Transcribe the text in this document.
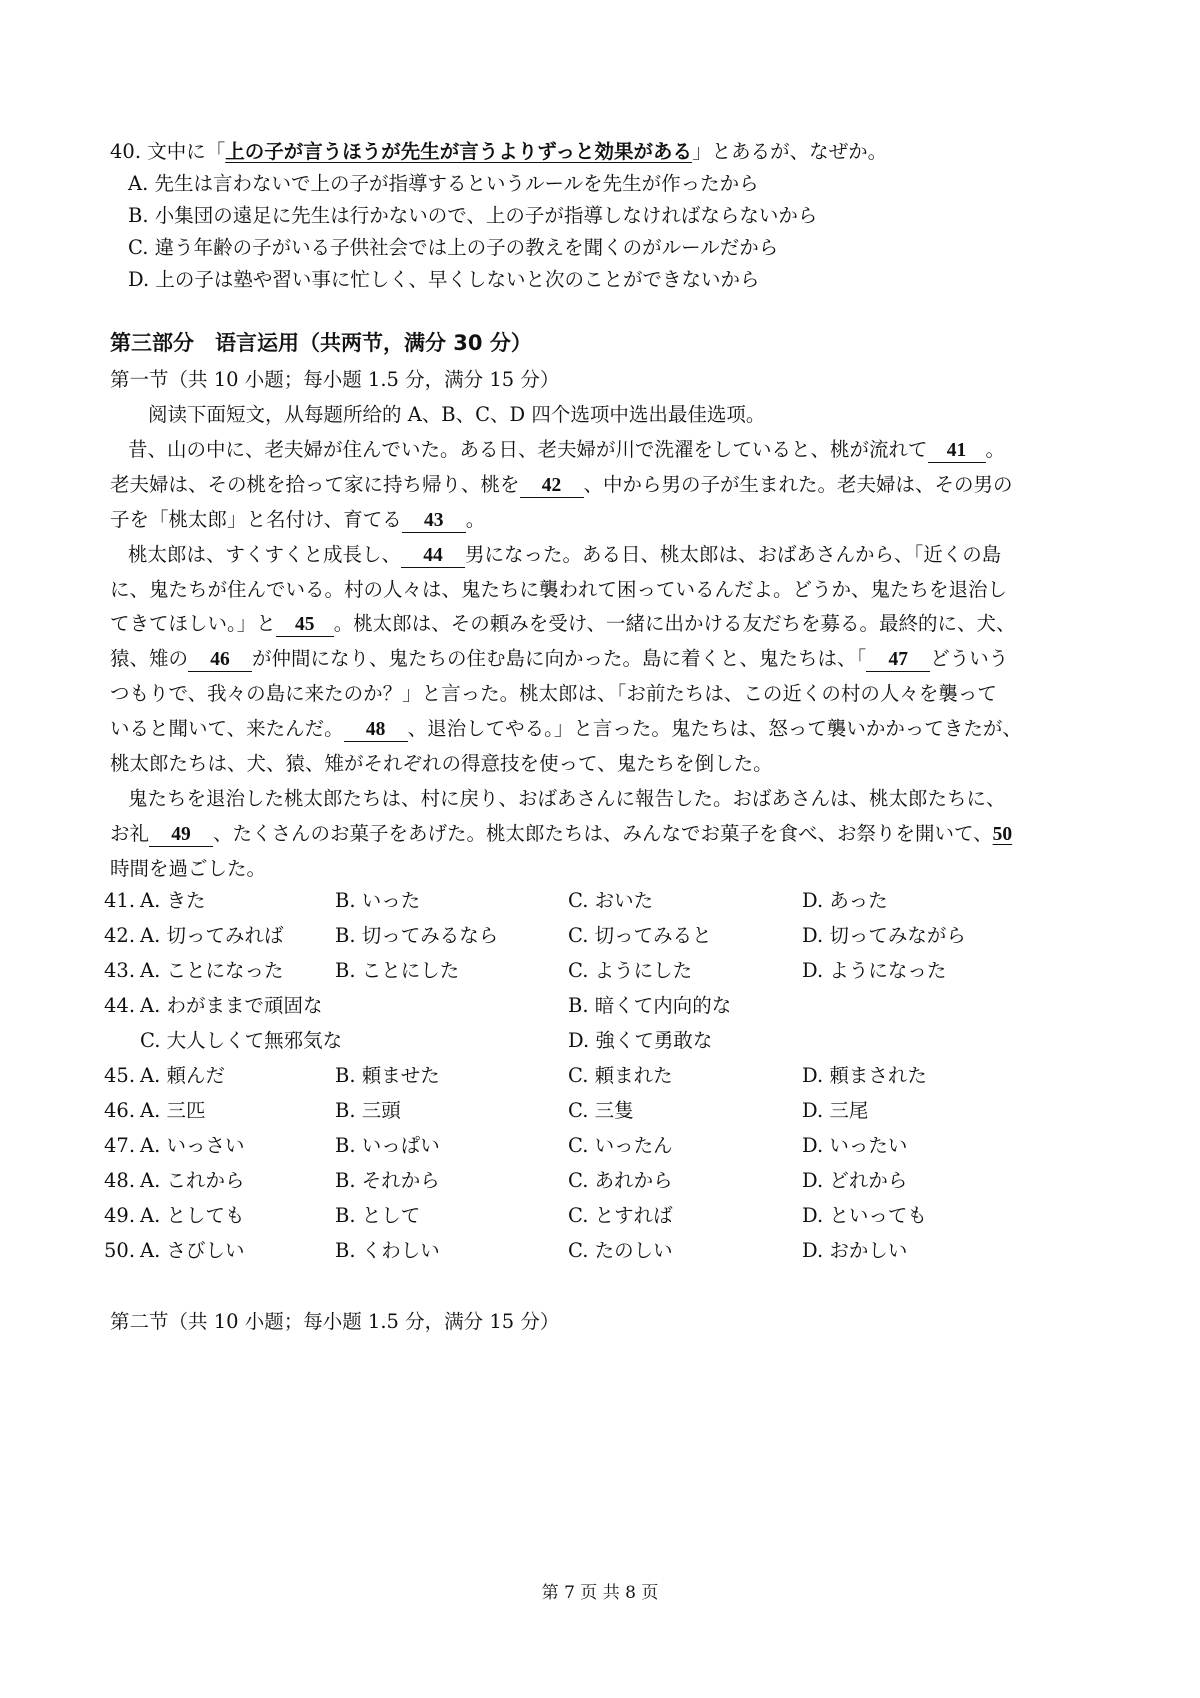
40. 文中に「上の子が言うほうが先生が言うよりずっと効果がある」とあるが、なぜか。
A. 先生は言わないで上の子が指導するというルールを先生が作ったから
B. 小集団の遠足に先生は行かないので、上の子が指導しなければならないから
C. 違う年齢の子がいる子供社会では上の子の教えを聞くのがルールだから
D. 上の子は塾や習い事に忙しく、早くしないと次のことができないから
第三部分　语言运用（共两节，满分 30 分）
第一节（共 10 小题；每小题 1.5 分，满分 15 分）
阅读下面短文，从每题所给的 A、B、C、D 四个选项中选出最佳选项。
昔、山の中に、老夫婦が住んでいた。ある日、老夫婦が川で洗濯をしていると、桃が流れて 41 。
老夫婦は、その桃を拾って家に持ち帰り、桃を 42 、中から男の子が生まれた。老夫婦は、その男の
子を「桃太郎」と名付け、育てる 43 。
桃太郎は、すくすくと成長し、 44 男になった。ある日、桃太郎は、おばあさんから、「近くの島
に、鬼たちが住んでいる。村の人々は、鬼たちに襲われて困っているんだよ。どうか、鬼たちを退治し
てきてほしい。」と 45 。桃太郎は、その頼みを受け、一緒に出かける友だちを募る。最終的に、犬、
猿、雉の 46 が仲間になり、鬼たちの住む島に向かった。島に着くと、鬼たちは、「 47 どういう
つもりで、我々の島に来たのか？」と言った。桃太郎は、「お前たちは、この近くの村の人々を襲って
いると聞いて、来たんだ。 48 、退治してやる。」と言った。鬼たちは、怒って襲いかかってきたが、
桃太郎たちは、犬、猿、雉がそれぞれの得意技を使って、鬼たちを倒した。
鬼たちを退治した桃太郎たちは、村に戻り、おばあさんに報告した。おばあさんは、桃太郎たちに、
お礼 49 、たくさんのお菓子をあげた。桃太郎たちは、みんなでお菓子を食べ、お祭りを開いて、50
時間を過ごした。
44. A. わがままで頑固な	B. 暗くて内向的な
C. 大人しくて無邪気な	D. 強くて勇敢な
第二节（共 10 小题；每小题 1.5 分，满分 15 分）
第 7 页 共 8 页
41. A. きた	B. いった	C. おいた	D. あった
42. A. 切ってみれば	B. 切ってみるなら	C. 切ってみると	D. 切ってみながら
43. A. ことになった	B. ことにした	C. ようにした	D. ようになった
45. A. 頼んだ	B. 頼ませた	C. 頼まれた	D. 頼まされた
46. A. 三匹	B. 三頭	C. 三隻	D. 三尾
47. A. いっさい	B. いっぱい	C. いったん	D. いったい
48. A. これから	B. それから	C. あれから	D. どれから
49. A. としても	B. として	C. とすれば	D. といっても
50. A. さびしい	B. くわしい	C. たのしい	D. おかしい
